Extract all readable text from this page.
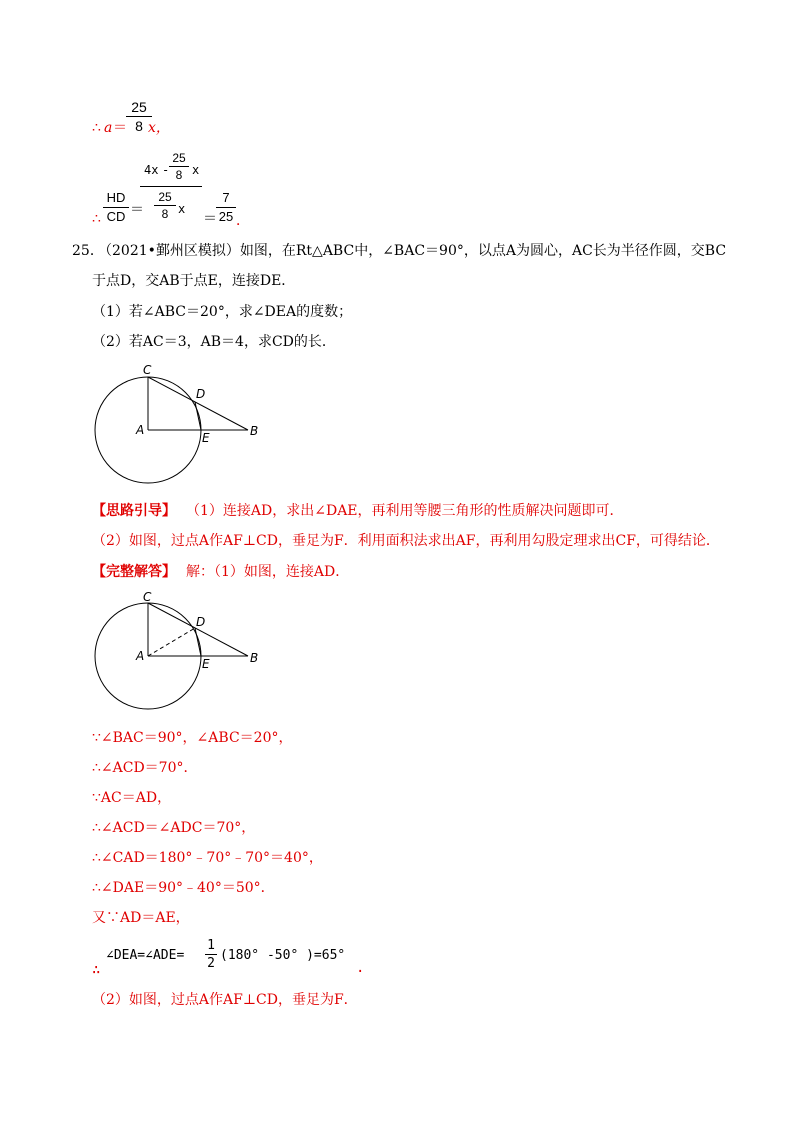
∴ a ＝
25
8 x，
∴
HD
CD ＝
4x -
25
8 x
25
8 x
＝
7
25 ．
25．
（2021•鄞州区模拟）如图，在Rt△ABC中，∠BAC＝90°，以点A为圆心，AC长为半径作圆，交BC
于点D，交AB于点E，连接DE．
（1）若∠ABC＝20°，求∠DEA的度数；
（2）若AC＝3，AB＝4，求CD的长．
C
D
A
E	B
【思路引导】 （1）连接AD，求出∠DAE，再利用等腰三角形的性质解决问题即可．
（2）如图，过点A作AF⊥CD，垂足为F．利用面积法求出AF，再利用勾股定理求出CF，可得结论．
【完整解答】 解：（1）如图，连接AD．
C
D
A
E	B
∵∠BAC＝90°，∠ABC＝20°，
∴∠ACD＝70°．
∵AC＝AD，
∴∠ACD＝∠ADC＝70°，
∴∠CAD＝180°﹣70°﹣70°＝40°，
∴∠DAE＝90°﹣40°＝50°．
又∵AD＝AE，
∴
∠DEA=∠ADE=
1
2
(180° -50° )=65°
.
（2）如图，过点A作AF⊥CD，垂足为F．
